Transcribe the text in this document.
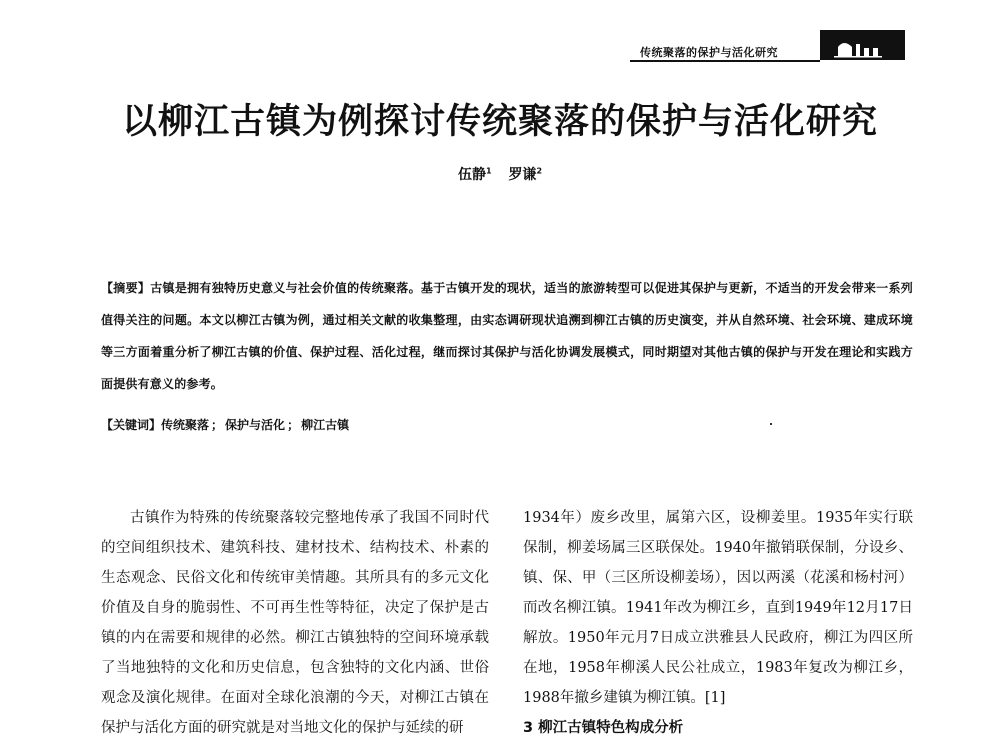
传统聚落的保护与活化研究
以柳江古镇为例探讨传统聚落的保护与活化研究
伍静$^1$ 罗谦$^2$
【摘要】古镇是拥有独特历史意义与社会价值的传统聚落。基于古镇开发的现状，适当的旅游转型可以促进其保护与更新，不适当的开发会带来一系列值得关注的问题。本文以柳江古镇为例，通过相关文献的收集整理，由实态调研现状追溯到柳江古镇的历史演变，并从自然环境、社会环境、建成环境等三方面着重分析了柳江古镇的价值、保护过程、活化过程，继而探讨其保护与活化协调发展模式，同时期望对其他古镇的保护与开发在理论和实践方面提供有意义的参考。
【关键词】传统聚落 ； 保护与活化 ； 柳江古镇

古镇作为特殊的传统聚落较完整地传承了我国不同时代的空间组织技术、建筑科技、建材技术、结构技术、朴素的生态观念、民俗文化和传统审美情趣。其所具有的多元文化价值及自身的脆弱性、不可再生性等特征，决定了保护是古镇的内在需要和规律的必然。柳江古镇独特的空间环境承载了当地独特的文化和历史信息，包含独特的文化内涵、世俗观念及演化规律。在面对全球化浪潮的今天，对柳江古镇在保护与活化方面的研究就是对当地文化的保护与延续的研

1934年）废乡改里，属第六区，设柳姜里。1935年实行联保制，柳姜场属三区联保处。1940年撤销联保制，分设乡、镇、保、甲（三区所设柳姜场），因以两溪（花溪和杨村河）而改名柳江镇。1941年改为柳江乡，直到1949年12月17日解放。1950年元月7日成立洪雅县人民政府，柳江为四区所在地，1958年柳溪人民公社成立，1983年复改为柳江乡，1988年撤乡建镇为柳江镇。[1]

3 柳江古镇特色构成分析
